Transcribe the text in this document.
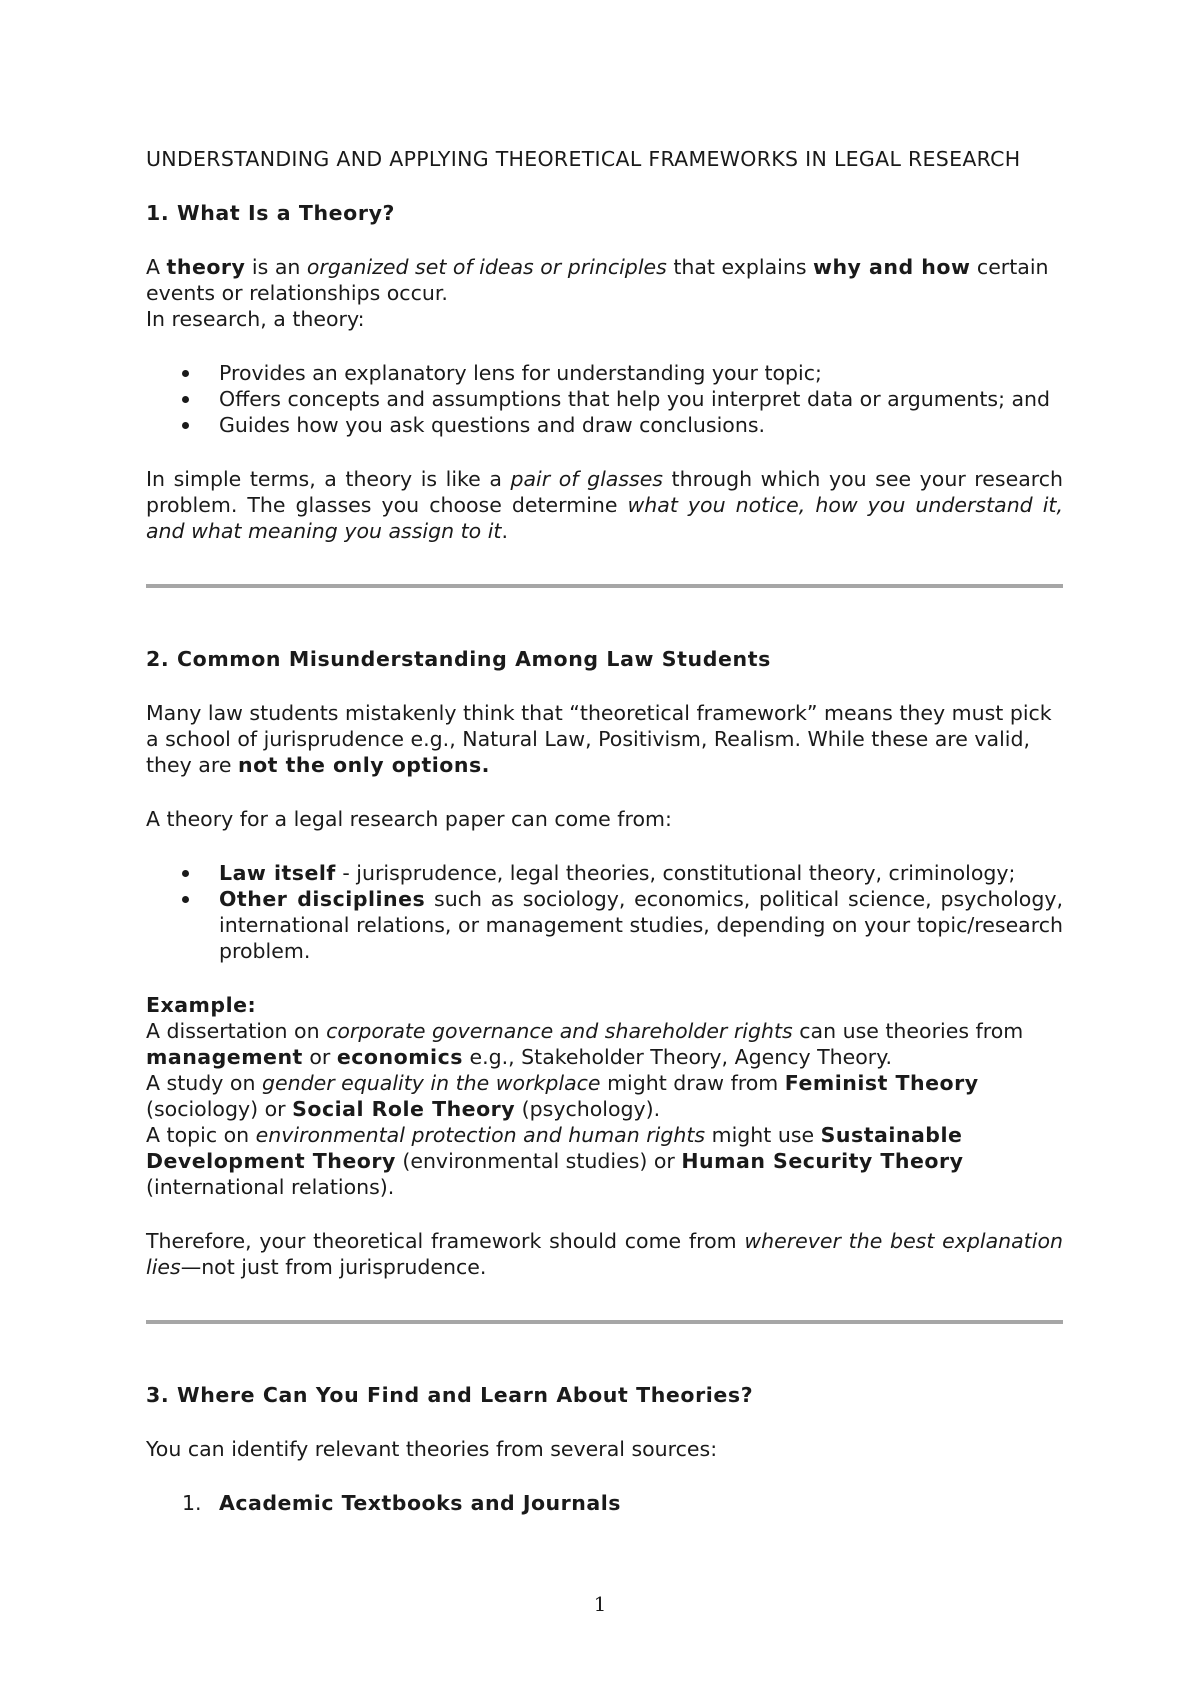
UNDERSTANDING AND APPLYING THEORETICAL FRAMEWORKS IN LEGAL RESEARCH

1. What Is a Theory?

A theory is an organized set of ideas or principles that explains why and how certain events or relationships occur.

In research, a theory:

Provides an explanatory lens for understanding your topic;
Offers concepts and assumptions that help you interpret data or arguments; and
Guides how you ask questions and draw conclusions.

In simple terms, a theory is like a pair of glasses through which you see your research problem. The glasses you choose determine what you notice, how you understand it, and what meaning you assign to it.

2. Common Misunderstanding Among Law Students

Many law students mistakenly think that “theoretical framework” means they must pick a school of jurisprudence e.g., Natural Law, Positivism, Realism. While these are valid, they are not the only options.

A theory for a legal research paper can come from:

Law itself - jurisprudence, legal theories, constitutional theory, criminology;
Other disciplines such as sociology, economics, political science, psychology, international relations, or management studies, depending on your topic/research problem.

Example:

A dissertation on corporate governance and shareholder rights can use theories from management or economics e.g., Stakeholder Theory, Agency Theory.

A study on gender equality in the workplace might draw from Feminist Theory (sociology) or Social Role Theory (psychology).

A topic on environmental protection and human rights might use Sustainable Development Theory (environmental studies) or Human Security Theory (international relations).

Therefore, your theoretical framework should come from wherever the best explanation lies—not just from jurisprudence.

3. Where Can You Find and Learn About Theories?

You can identify relevant theories from several sources:

1. Academic Textbooks and Journals
1
